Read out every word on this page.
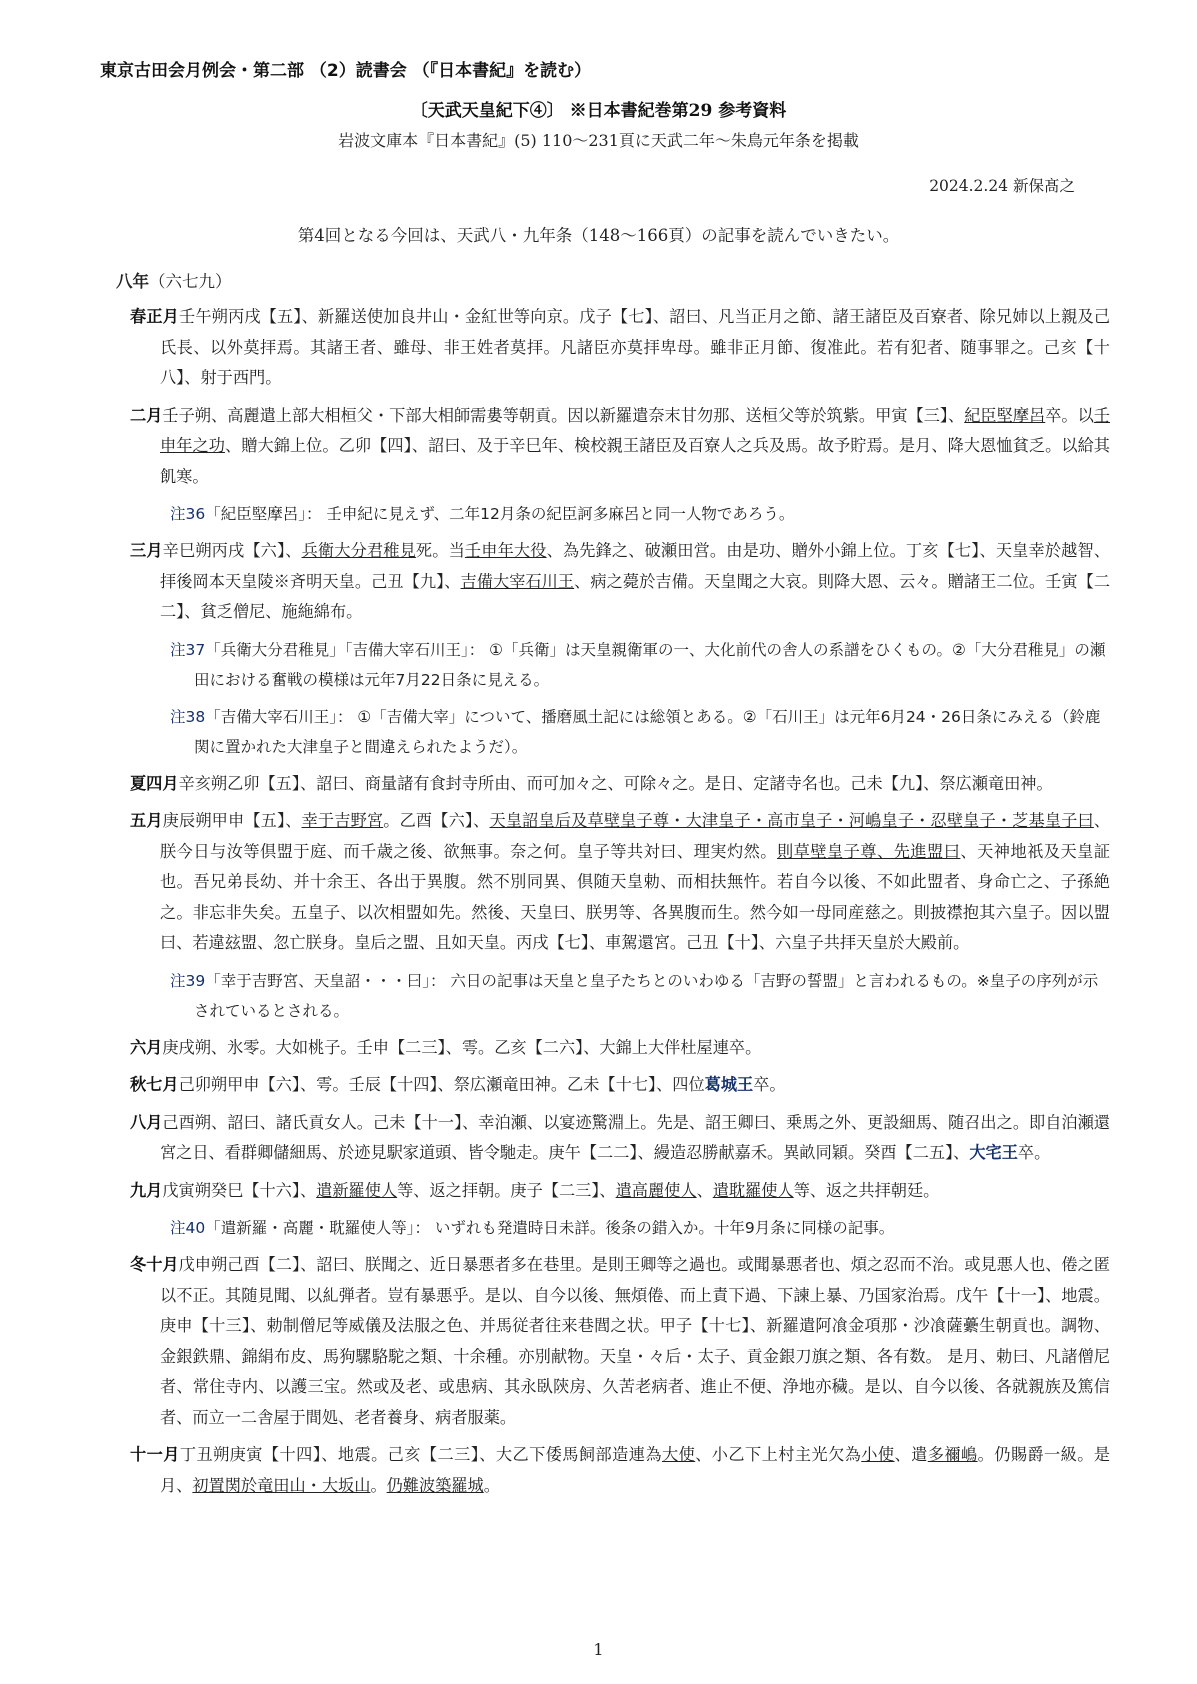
東京古田会月例会・第二部 （2）読書会 （『日本書紀』を読む）
〔天武天皇紀下④〕 ※日本書紀巻第29 参考資料
岩波文庫本『日本書紀』(5) 110〜231頁に天武二年〜朱鳥元年条を掲載
2024.2.24 新保髙之
第4回となる今回は、天武八・九年条（148〜166頁）の記事を読んでいきたい。
八年（六七九）

春正月壬午朔丙戌【五】、新羅送使加良井山・金紅世等向京。戊子【七】、詔曰、凡当正月之節、諸王諸臣及百寮者、除兄姉以上親及己氏長、以外莫拝焉。其諸王者、雖母、非王姓者莫拝。凡諸臣亦莫拝卑母。雖非正月節、復准此。若有犯者、随事罪之。己亥【十八】、射于西門。

二月壬子朔、高麗遣上部大相桓父・下部大相師需婁等朝貢。因以新羅遣奈末甘勿那、送桓父等於筑紫。甲寅【三】、紀臣堅摩呂卒。以壬申年之功、贈大錦上位。乙卯【四】、詔曰、及于辛巳年、検校親王諸臣及百寮人之兵及馬。故予貯焉。是月、降大恩恤貧乏。以給其飢寒。

注36「紀臣堅摩呂」： 壬申紀に見えず、二年12月条の紀臣訶多麻呂と同一人物であろう。

三月辛巳朔丙戌【六】、兵衛大分君稚見死。当壬申年大役、為先鋒之、破瀬田営。由是功、贈外小錦上位。丁亥【七】、天皇幸於越智、拝後岡本天皇陵※斉明天皇。己丑【九】、吉備大宰石川王、病之薨於吉備。天皇聞之大哀。則降大恩、云々。贈諸王二位。壬寅【二二】、貧乏僧尼、施絁綿布。

注37「兵衛大分君稚見」「吉備大宰石川王」： ①「兵衛」は天皇親衛軍の一、大化前代の舎人の系譜をひくもの。②「大分君稚見」の瀬田における奮戦の模様は元年7月22日条に見える。

注38「吉備大宰石川王」： ①「吉備大宰」について、播磨風土記には総領とある。②「石川王」は元年6月24・26日条にみえる（鈴鹿関に置かれた大津皇子と間違えられたようだ）。

夏四月辛亥朔乙卯【五】、詔曰、商量諸有食封寺所由、而可加々之、可除々之。是日、定諸寺名也。己未【九】、祭広瀬竜田神。

五月庚辰朔甲申【五】、幸于吉野宮。乙酉【六】、天皇詔皇后及草壁皇子尊・大津皇子・高市皇子・河嶋皇子・忍壁皇子・芝基皇子曰、朕今日与汝等倶盟于庭、而千歳之後、欲無事。奈之何。皇子等共対曰、理実灼然。則草壁皇子尊、先進盟曰、天神地祇及天皇証也。吾兄弟長幼、并十余王、各出于異腹。然不別同異、倶随天皇勅、而相扶無忤。若自今以後、不如此盟者、身命亡之、子孫絶之。非忘非失矣。五皇子、以次相盟如先。然後、天皇曰、朕男等、各異腹而生。然今如一母同産慈之。則披襟抱其六皇子。因以盟曰、若違玆盟、忽亡朕身。皇后之盟、且如天皇。丙戌【七】、車駕還宮。己丑【十】、六皇子共拝天皇於大殿前。

注39「幸于吉野宮、天皇詔・・・曰」： 六日の記事は天皇と皇子たちとのいわゆる「吉野の誓盟」と言われるもの。※皇子の序列が示されているとされる。

六月庚戌朔、氷零。大如桃子。壬申【二三】、雩。乙亥【二六】、大錦上大伴杜屋連卒。

秋七月己卯朔甲申【六】、雩。壬辰【十四】、祭広瀬竜田神。乙未【十七】、四位葛城王卒。

八月己酉朔、詔曰、諸氏貢女人。己未【十一】、幸泊瀬、以宴迹驚淵上。先是、詔王卿曰、乗馬之外、更設細馬、随召出之。即自泊瀬還宮之日、看群卿儲細馬、於迹見駅家道頭、皆令馳走。庚午【二二】、縵造忍勝献嘉禾。異畝同穎。癸酉【二五】、大宅王卒。

九月戊寅朔癸巳【十六】、遣新羅使人等、返之拝朝。庚子【二三】、遣高麗使人、遣耽羅使人等、返之共拝朝廷。

注40「遣新羅・高麗・耽羅使人等」： いずれも発遣時日未詳。後条の錯入か。十年9月条に同様の記事。

冬十月戊申朔己酉【二】、詔曰、朕聞之、近日暴悪者多在巷里。是則王卿等之過也。或聞暴悪者也、煩之忍而不治。或見悪人也、倦之匿以不正。其随見聞、以糺弾者。豈有暴悪乎。是以、自今以後、無煩倦、而上責下過、下諫上暴、乃国家治焉。戊午【十一】、地震。庚申【十三】、勅制僧尼等威儀及法服之色、并馬従者往来巷閭之状。甲子【十七】、新羅遣阿飡金項那・沙飡薩虆生朝貢也。調物、金銀鉄鼎、錦絹布皮、馬狗騾駱駝之類、十余種。亦別献物。天皇・々后・太子、貢金銀刀旗之類、各有数。 是月、勅曰、凡諸僧尼者、常住寺内、以護三宝。然或及老、或患病、其永臥陝房、久苦老病者、進止不便、浄地亦穢。是以、自今以後、各就親族及篤信者、而立一二舎屋于間処、老者養身、病者服薬。

十一月丁丑朔庚寅【十四】、地震。己亥【二三】、大乙下倭馬飼部造連為大使、小乙下上村主光欠為小使、遣多禰嶋。仍賜爵一級。是月、初置関於竜田山・大坂山。仍難波築羅城。

1
